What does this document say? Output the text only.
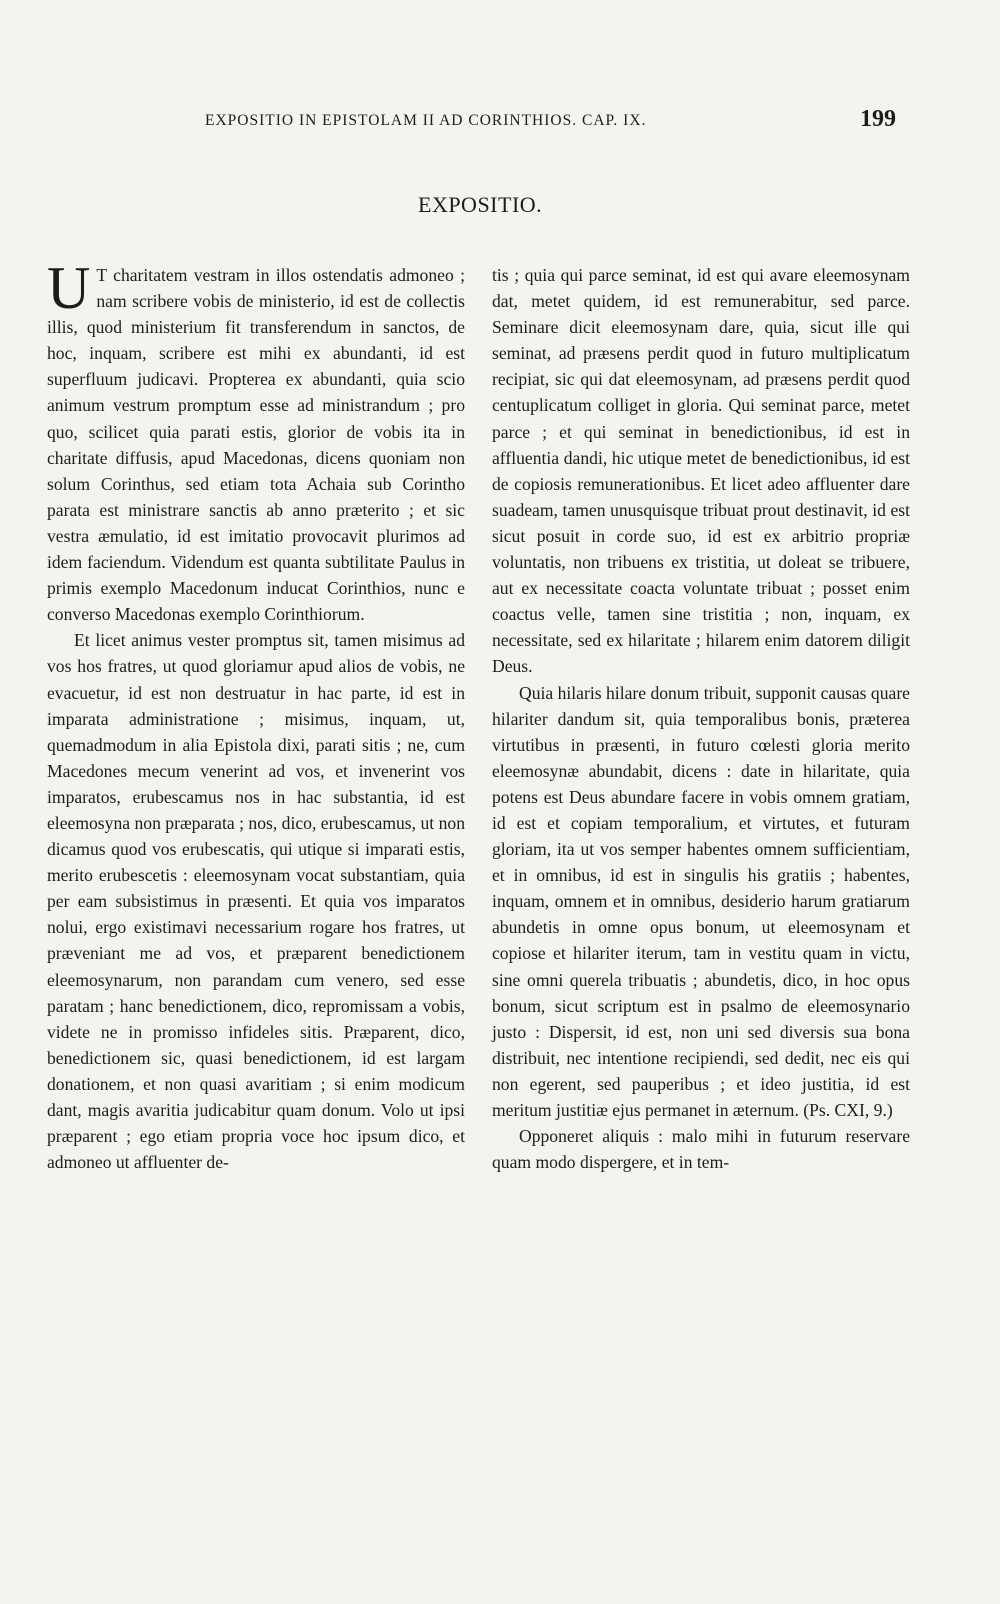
EXPOSITIO IN EPISTOLAM II AD CORINTHIOS. CAP. IX.	199
EXPOSITIO.

U T charitatem vestram in illos ostendatis admoneo ; nam scribere vobis de ministerio, id est de collectis illis, quod ministerium fit transferendum in sanctos, de hoc, inquam, scribere est mihi ex abundanti, id est superfluum judicavi. Propterea ex abundanti, quia scio animum vestrum promptum esse ad ministrandum ; pro quo, scilicet quia parati estis, glorior de vobis ita in charitate diffusis, apud Macedonas, dicens quoniam non solum Corinthus, sed etiam tota Achaia sub Corintho parata est ministrare sanctis ab anno præterito ; et sic vestra æmulatio, id est imitatio provocavit plurimos ad idem faciendum. Videndum est quanta subtilitate Paulus in primis exemplo Macedonum inducat Corinthios, nunc e converso Macedonas exemplo Corinthiorum.

Et licet animus vester promptus sit, tamen misimus ad vos hos fratres, ut quod gloriamur apud alios de vobis, ne evacuetur, id est non destruatur in hac parte, id est in imparata administratione ; misimus, inquam, ut, quemadmodum in alia Epistola dixi, parati sitis ; ne, cum Macedones mecum venerint ad vos, et invenerint vos imparatos, erubescamus nos in hac substantia, id est eleemosyna non præparata ; nos, dico, erubescamus, ut non dicamus quod vos erubescatis, qui utique si imparati estis, merito erubescetis : eleemosynam vocat substantiam, quia per eam subsistimus in præsenti. Et quia vos imparatos nolui, ergo existimavi necessarium rogare hos fratres, ut præveniant me ad vos, et præparent benedictionem eleemosynarum, non parandam cum venero, sed esse paratam ; hanc benedictionem, dico, repromissam a vobis, videte ne in promisso infideles sitis. Præparent, dico, benedictionem sic, quasi benedictionem, id est largam donationem, et non quasi avaritiam ; si enim modicum dant, magis avaritia judicabitur quam donum. Volo ut ipsi præparent ; ego etiam propria voce hoc ipsum dico, et admoneo ut affluenter de-

tis ; quia qui parce seminat, id est qui avare eleemosynam dat, metet quidem, id est remunerabitur, sed parce. Seminare dicit eleemosynam dare, quia, sicut ille qui seminat, ad præsens perdit quod in futuro multiplicatum recipiat, sic qui dat eleemosynam, ad præsens perdit quod centuplicatum colliget in gloria. Qui seminat parce, metet parce ; et qui seminat in benedictionibus, id est in affluentia dandi, hic utique metet de benedictionibus, id est de copiosis remunerationibus. Et licet adeo affluenter dare suadeam, tamen unusquisque tribuat prout destinavit, id est sicut posuit in corde suo, id est ex arbitrio propriæ voluntatis, non tribuens ex tristitia, ut doleat se tribuere, aut ex necessitate coacta voluntate tribuat ; posset enim coactus velle, tamen sine tristitia ; non, inquam, ex necessitate, sed ex hilaritate ; hilarem enim datorem diligit Deus.

Quia hilaris hilare donum tribuit, supponit causas quare hilariter dandum sit, quia temporalibus bonis, præterea virtutibus in præsenti, in futuro cœlesti gloria merito eleemosynæ abundabit, dicens : date in hilaritate, quia potens est Deus abundare facere in vobis omnem gratiam, id est et copiam temporalium, et virtutes, et futuram gloriam, ita ut vos semper habentes omnem sufficientiam, et in omnibus, id est in singulis his gratiis ; habentes, inquam, omnem et in omnibus, desiderio harum gratiarum abundetis in omne opus bonum, ut eleemosynam et copiose et hilariter iterum, tam in vestitu quam in victu, sine omni querela tribuatis ; abundetis, dico, in hoc opus bonum, sicut scriptum est in psalmo de eleemosynario justo : Dispersit, id est, non uni sed diversis sua bona distribuit, nec intentione recipiendi, sed dedit, nec eis qui non egerent, sed pauperibus ; et ideo justitia, id est meritum justitiæ ejus permanet in æternum. (Ps. CXI, 9.)

Opponeret aliquis : malo mihi in futurum reservare quam modo dispergere, et in tem-
